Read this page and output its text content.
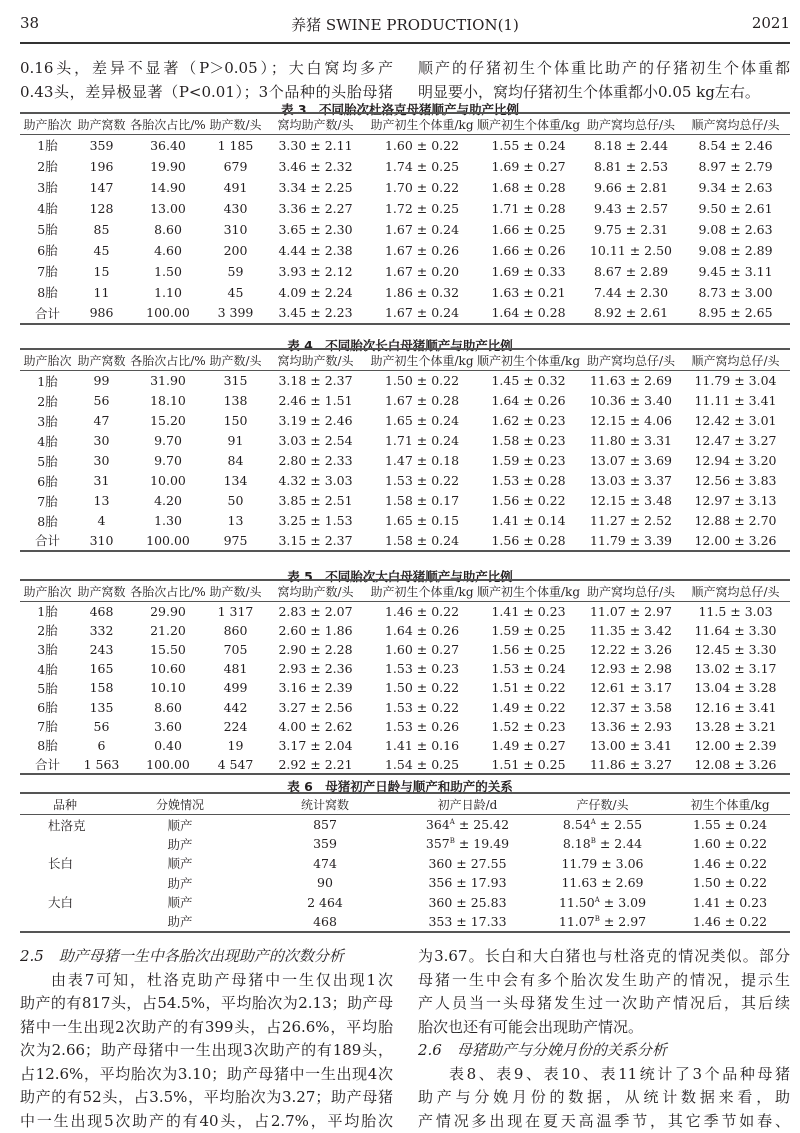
38	养猪 SWINE PRODUCTION(1)	2021
0.16头，差异不显著（P＞0.05）；大白窝均多产
0.43头，差异极显著（P<0.01）；3个品种的头胎母猪
顺产的仔猪初生个体重比助产的仔猪初生个体重都
明显要小，窝均仔猪初生个体重都小0.05 kg左右。
表 3　不同胎次杜洛克母猪顺产与助产比例
助产胎次	助产窝数	各胎次占比/%	助产数/头	窝均助产数/头	助产初生个体重/kg	顺产初生个体重/kg	助产窝均总仔/头	顺产窝均总仔/头
1胎	359	36.40	1 185	3.30 ± 2.11	1.60 ± 0.22	1.55 ± 0.24	8.18 ± 2.44	8.54 ± 2.46
2胎	196	19.90	679	3.46 ± 2.32	1.74 ± 0.25	1.69 ± 0.27	8.81 ± 2.53	8.97 ± 2.79
3胎	147	14.90	491	3.34 ± 2.25	1.70 ± 0.22	1.68 ± 0.28	9.66 ± 2.81	9.34 ± 2.63
4胎	128	13.00	430	3.36 ± 2.27	1.72 ± 0.25	1.71 ± 0.28	9.43 ± 2.57	9.50 ± 2.61
5胎	85	8.60	310	3.65 ± 2.30	1.67 ± 0.24	1.66 ± 0.25	9.75 ± 2.31	9.08 ± 2.63
6胎	45	4.60	200	4.44 ± 2.38	1.67 ± 0.26	1.66 ± 0.26	10.11 ± 2.50	9.08 ± 2.89
7胎	15	1.50	59	3.93 ± 2.12	1.67 ± 0.20	1.69 ± 0.33	8.67 ± 2.89	9.45 ± 3.11
8胎	11	1.10	45	4.09 ± 2.24	1.86 ± 0.32	1.63 ± 0.21	7.44 ± 2.30	8.73 ± 3.00
合计	986	100.00	3 399	3.45 ± 2.23	1.67 ± 0.24	1.64 ± 0.28	8.92 ± 2.61	8.95 ± 2.65
表 4　不同胎次长白母猪顺产与助产比例
助产胎次	助产窝数	各胎次占比/%	助产数/头	窝均助产数/头	助产初生个体重/kg	顺产初生个体重/kg	助产窝均总仔/头	顺产窝均总仔/头
1胎	99	31.90	315	3.18 ± 2.37	1.50 ± 0.22	1.45 ± 0.32	11.63 ± 2.69	11.79 ± 3.04
2胎	56	18.10	138	2.46 ± 1.51	1.67 ± 0.28	1.64 ± 0.26	10.36 ± 3.40	11.11 ± 3.41
3胎	47	15.20	150	3.19 ± 2.46	1.65 ± 0.24	1.62 ± 0.23	12.15 ± 4.06	12.42 ± 3.01
4胎	30	9.70	91	3.03 ± 2.54	1.71 ± 0.24	1.58 ± 0.23	11.80 ± 3.31	12.47 ± 3.27
5胎	30	9.70	84	2.80 ± 2.33	1.47 ± 0.18	1.59 ± 0.23	13.07 ± 3.69	12.94 ± 3.20
6胎	31	10.00	134	4.32 ± 3.03	1.53 ± 0.22	1.53 ± 0.28	13.03 ± 3.37	12.56 ± 3.83
7胎	13	4.20	50	3.85 ± 2.51	1.58 ± 0.17	1.56 ± 0.22	12.15 ± 3.48	12.97 ± 3.13
8胎	4	1.30	13	3.25 ± 1.53	1.65 ± 0.15	1.41 ± 0.14	11.27 ± 2.52	12.88 ± 2.70
合计	310	100.00	975	3.15 ± 2.37	1.58 ± 0.24	1.56 ± 0.28	11.79 ± 3.39	12.00 ± 3.26
表 5　不同胎次大白母猪顺产与助产比例
助产胎次	助产窝数	各胎次占比/%	助产数/头	窝均助产数/头	助产初生个体重/kg	顺产初生个体重/kg	助产窝均总仔/头	顺产窝均总仔/头
1胎	468	29.90	1 317	2.83 ± 2.07	1.46 ± 0.22	1.41 ± 0.23	11.07 ± 2.97	11.5 ± 3.03
2胎	332	21.20	860	2.60 ± 1.86	1.64 ± 0.26	1.59 ± 0.25	11.35 ± 3.42	11.64 ± 3.30
3胎	243	15.50	705	2.90 ± 2.28	1.60 ± 0.27	1.56 ± 0.25	12.22 ± 3.26	12.45 ± 3.30
4胎	165	10.60	481	2.93 ± 2.36	1.53 ± 0.23	1.53 ± 0.24	12.93 ± 2.98	13.02 ± 3.17
5胎	158	10.10	499	3.16 ± 2.39	1.50 ± 0.22	1.51 ± 0.22	12.61 ± 3.17	13.04 ± 3.28
6胎	135	8.60	442	3.27 ± 2.56	1.53 ± 0.22	1.49 ± 0.22	12.37 ± 3.58	12.16 ± 3.41
7胎	56	3.60	224	4.00 ± 2.62	1.53 ± 0.26	1.52 ± 0.23	13.36 ± 2.93	13.28 ± 3.21
8胎	6	0.40	19	3.17 ± 2.04	1.41 ± 0.16	1.49 ± 0.27	13.00 ± 3.41	12.00 ± 2.39
合计	1 563	100.00	4 547	2.92 ± 2.21	1.54 ± 0.25	1.51 ± 0.25	11.86 ± 3.27	12.08 ± 3.26
表 6　母猪初产日龄与顺产和助产的关系
品种	分娩情况	统计窝数	初产日龄/d	产仔数/头	初生个体重/kg
杜洛克	顺产	857	$364^A \pm 25.42$	$8.54^A \pm 2.55$	1.55 ± 0.24
	助产	359	$357^B \pm 19.49$	$8.18^B \pm 2.44$	1.60 ± 0.22
长白	顺产	474	360 ± 27.55	11.79 ± 3.06	1.46 ± 0.22
	助产	90	356 ± 17.93	11.63 ± 2.69	1.50 ± 0.22
大白	顺产	2 464	360 ± 25.83	$11.50^A \pm 3.09$	1.41 ± 0.23
	助产	468	353 ± 17.33	$11.07^B \pm 2.97$	1.46 ± 0.22
2.5　助产母猪一生中各胎次出现助产的次数分析
由表7可知，杜洛克助产母猪中一生仅出现1次
助产的有817头，占54.5%，平均胎次为2.13；助产母
猪中一生出现2次助产的有399头，占26.6%，平均胎
次为2.66；助产母猪中一生出现3次助产的有189头，
占12.6%，平均胎次为3.10；助产母猪中一生出现4次
助产的有52头，占3.5%，平均胎次为3.27；助产母猪
中一生出现5次助产的有40头，占2.7%，平均胎次
为3.67。长白和大白猪也与杜洛克的情况类似。部分
母猪一生中会有多个胎次发生助产的情况，提示生
产人员当一头母猪发生过一次助产情况后，其后续
胎次也还有可能会出现助产情况。
2.6　母猪助产与分娩月份的关系分析
表8、表9、表10、表11统计了3个品种母猪
助产与分娩月份的数据，从统计数据来看，助
产情况多出现在夏天高温季节，其它季节如春、
